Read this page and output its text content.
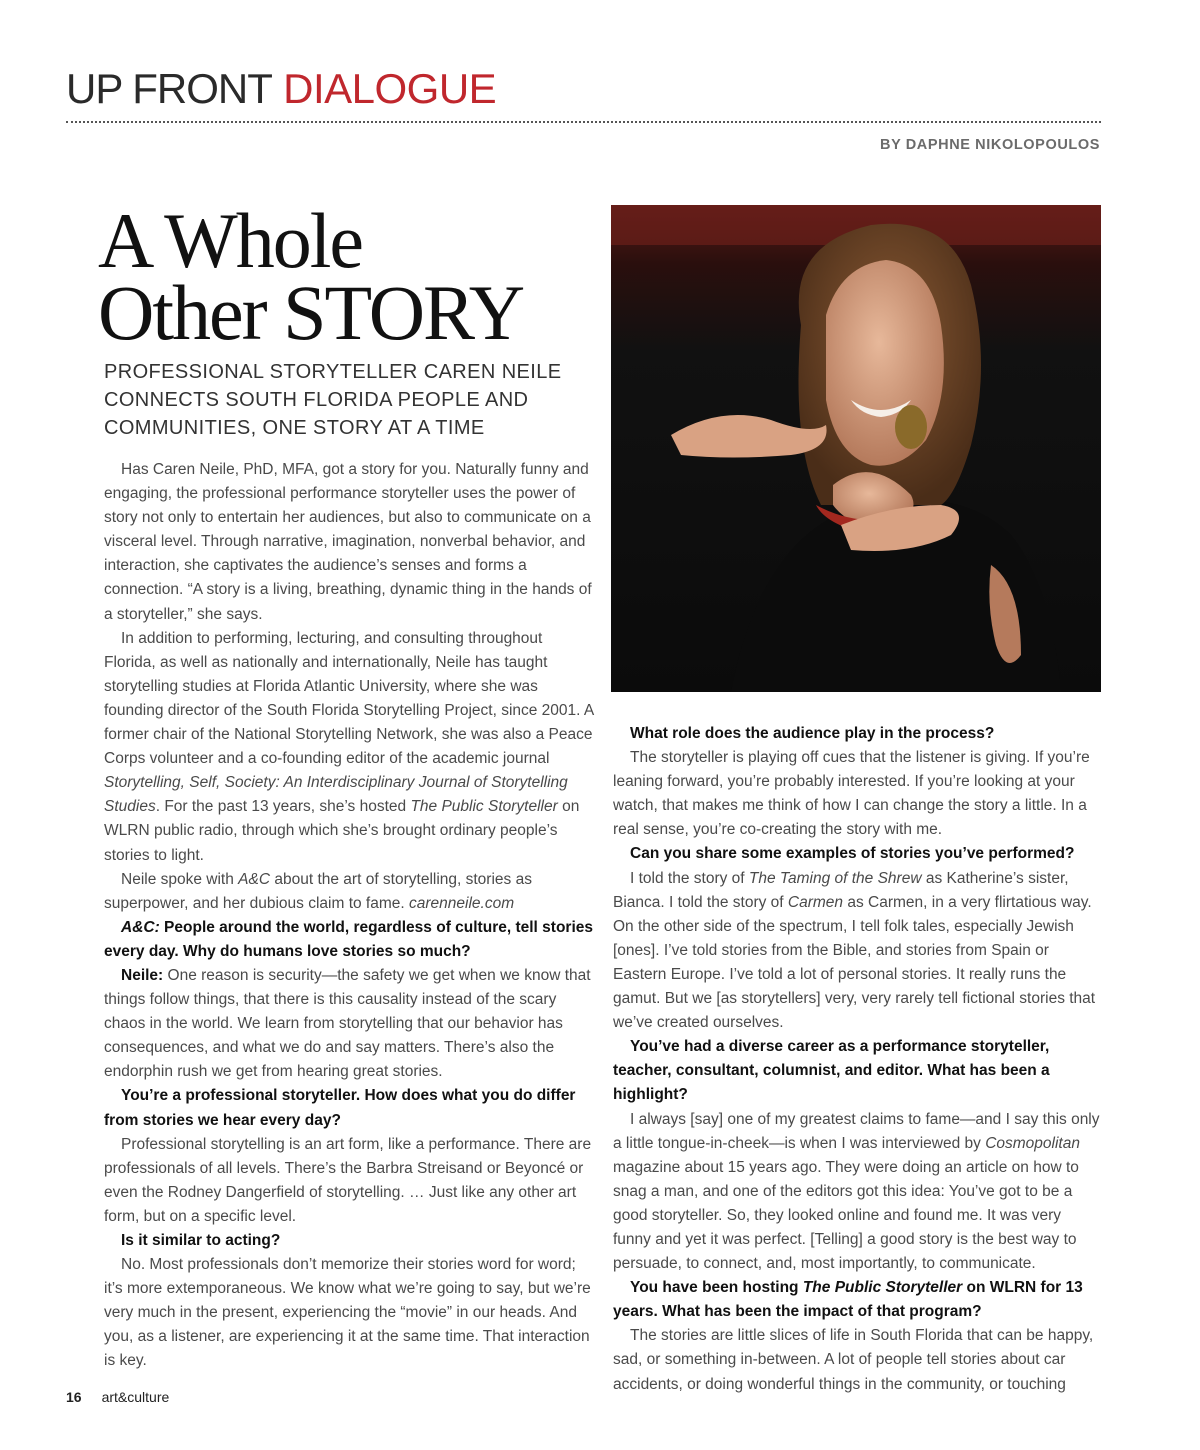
UP FRONT DIALOGUE
BY DAPHNE NIKOLOPOULOS
A Whole
Other STORY
PROFESSIONAL STORYTELLER CAREN NEILE CONNECTS SOUTH FLORIDA PEOPLE AND COMMUNITIES, ONE STORY AT A TIME

Has Caren Neile, PhD, MFA, got a story for you. Naturally funny and engaging, the professional performance storyteller uses the power of story not only to entertain her audiences, but also to communicate on a visceral level. Through narrative, imagination, nonverbal behavior, and interaction, she captivates the audience’s senses and forms a connection. “A story is a living, breathing, dynamic thing in the hands of a storyteller,” she says.

In addition to performing, lecturing, and consulting throughout Florida, as well as nationally and internationally, Neile has taught storytelling studies at Florida Atlantic University, where she was founding director of the South Florida Storytelling Project, since 2001. A former chair of the National Storytelling Network, she was also a Peace Corps volunteer and a co-founding editor of the academic journal Storytelling, Self, Society: An Interdisciplinary Journal of Storytelling Studies. For the past 13 years, she’s hosted The Public Storyteller on WLRN public radio, through which she’s brought ordinary people’s stories to light.

Neile spoke with A&C about the art of storytelling, stories as superpower, and her dubious claim to fame. carenneile.com

A&C: People around the world, regardless of culture, tell stories every day. Why do humans love stories so much?

Neile: One reason is security—the safety we get when we know that things follow things, that there is this causality instead of the scary chaos in the world. We learn from storytelling that our behavior has consequences, and what we do and say matters. There’s also the endorphin rush we get from hearing great stories.

You’re a professional storyteller. How does what you do differ from stories we hear every day?

Professional storytelling is an art form, like a performance. There are professionals of all levels. There’s the Barbra Streisand or Beyoncé or even the Rodney Dangerfield of storytelling. … Just like any other art form, but on a specific level.

Is it similar to acting?

No. Most professionals don’t memorize their stories word for word; it’s more extemporaneous. We know what we’re going to say, but we’re very much in the present, experiencing the “movie” in our heads. And you, as a listener, are experiencing it at the same time. That interaction is key.

What role does the audience play in the process?

The storyteller is playing off cues that the listener is giving. If you’re leaning forward, you’re probably interested. If you’re looking at your watch, that makes me think of how I can change the story a little. In a real sense, you’re co-creating the story with me.

Can you share some examples of stories you’ve performed?

I told the story of The Taming of the Shrew as Katherine’s sister, Bianca. I told the story of Carmen as Carmen, in a very flirtatious way. On the other side of the spectrum, I tell folk tales, especially Jewish [ones]. I’ve told stories from the Bible, and stories from Spain or Eastern Europe. I’ve told a lot of personal stories. It really runs the gamut. But we [as storytellers] very, very rarely tell fictional stories that we’ve created ourselves.

You’ve had a diverse career as a performance storyteller, teacher, consultant, columnist, and editor. What has been a highlight?

I always [say] one of my greatest claims to fame—and I say this only a little tongue-in-cheek—is when I was interviewed by Cosmopolitan magazine about 15 years ago. They were doing an article on how to snag a man, and one of the editors got this idea: You’ve got to be a good storyteller. So, they looked online and found me. It was very funny and yet it was perfect. [Telling] a good story is the best way to persuade, to connect, and, most importantly, to communicate.

You have been hosting The Public Storyteller on WLRN for 13 years. What has been the impact of that program?

The stories are little slices of life in South Florida that can be happy, sad, or something in-between. A lot of people tell stories about car accidents, or doing wonderful things in the community, or touching

16 art&culture
